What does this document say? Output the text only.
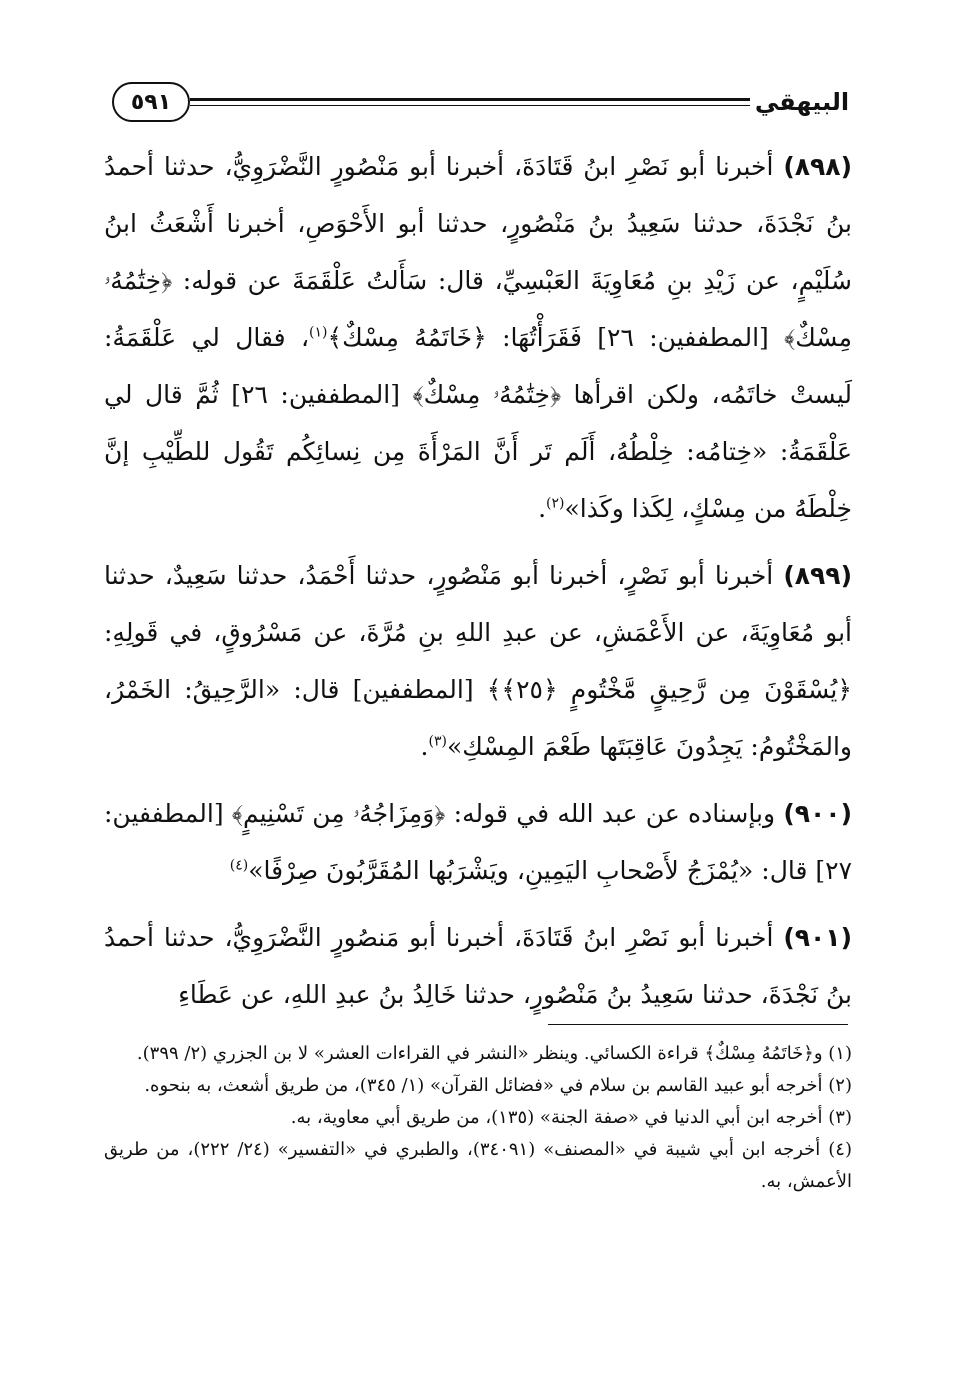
٥٩١	البيهقي

(٨٩٨) أخبرنا أبو نَصْرِ ابنُ قَتَادَةَ، أخبرنا أبو مَنْصُورٍ النَّضْرَوِيُّ، حدثنا أحمدُ بنُ نَجْدَةَ، حدثنا سَعِيدُ بنُ مَنْصُورٍ، حدثنا أبو الأَحْوَصِ، أخبرنا أَشْعَثُ ابنُ سُلَيْمٍ، عن زَيْدِ بنِ مُعَاوِيَةَ العَبْسِيِّ، قال: سَأَلتُ عَلْقَمَةَ عن قوله: ﴿خِتَٰمُهُۥ مِسْكٌ﴾ [المطففين: ٢٦] فَقَرَأْتُهَا: ﴿خَاتَمُهُ مِسْكٌ﴾$^{(١)}$، فقال لي عَلْقَمَةُ: لَيستْ خاتَمُه، ولكن اقرأها ﴿خِتَٰمُهُۥ مِسْكٌ﴾ [المطففين: ٢٦] ثُمَّ قال لي عَلْقَمَةُ: «خِتامُه: خِلْطُهُ، أَلَم تَر أَنَّ المَرْأَةَ مِن نِسائِكُم تَقُول للطِّيْبِ إنَّ خِلْطَهُ من مِسْكٍ، لِكَذا وكَذا»$^{(٢)}$.

(٨٩٩) أخبرنا أبو نَصْرٍ، أخبرنا أبو مَنْصُورٍ، حدثنا أَحْمَدُ، حدثنا سَعِيدٌ، حدثنا أبو مُعَاوِيَةَ، عن الأَعْمَشِ، عن عبدِ اللهِ بنِ مُرَّةَ، عن مَسْرُوقٍ، في قَولِهِ: ﴿يُسْقَوْنَ مِن رَّحِيقٍ مَّخْتُومٍ ﴿٢٥﴾﴾ [المطففين] قال: «الرَّحِيقُ: الخَمْرُ، والمَخْتُومُ: يَجِدُونَ عَاقِبَتَها طَعْمَ المِسْكِ»$^{(٣)}$.

(٩٠٠) وبإسناده عن عبد الله في قوله: ﴿وَمِزَاجُهُۥ مِن تَسْنِيمٍ﴾ [المطففين: ٢٧] قال: «يُمْزَجُ لأَصْحابِ اليَمِينِ، ويَشْرَبُها المُقَرَّبُونَ صِرْفًا»$^{(٤)}$

(٩٠١) أخبرنا أبو نَصْرِ ابنُ قَتَادَةَ، أخبرنا أبو مَنصُورٍ النَّضْرَوِيُّ، حدثنا أحمدُ بنُ نَجْدَةَ، حدثنا سَعِيدُ بنُ مَنْصُورٍ، حدثنا خَالِدُ بنُ عبدِ اللهِ، عن عَطَاءِ

(١) و﴿خَاتَمُهُ مِسْكٌ﴾ قراءة الكسائي. وينظر «النشر في القراءات العشر» لا بن الجزري (٢/ ٣٩٩).

(٢) أخرجه أبو عبيد القاسم بن سلام في «فضائل القرآن» (١/ ٣٤٥)، من طريق أشعث، به بنحوه.

(٣) أخرجه ابن أبي الدنيا في «صفة الجنة» (١٣٥)، من طريق أبي معاوية، به.

(٤) أخرجه ابن أبي شيبة في «المصنف» (٣٤٠٩١)، والطبري في «التفسير» (٢٤/ ٢٢٢)، من طريق الأعمش، به.
